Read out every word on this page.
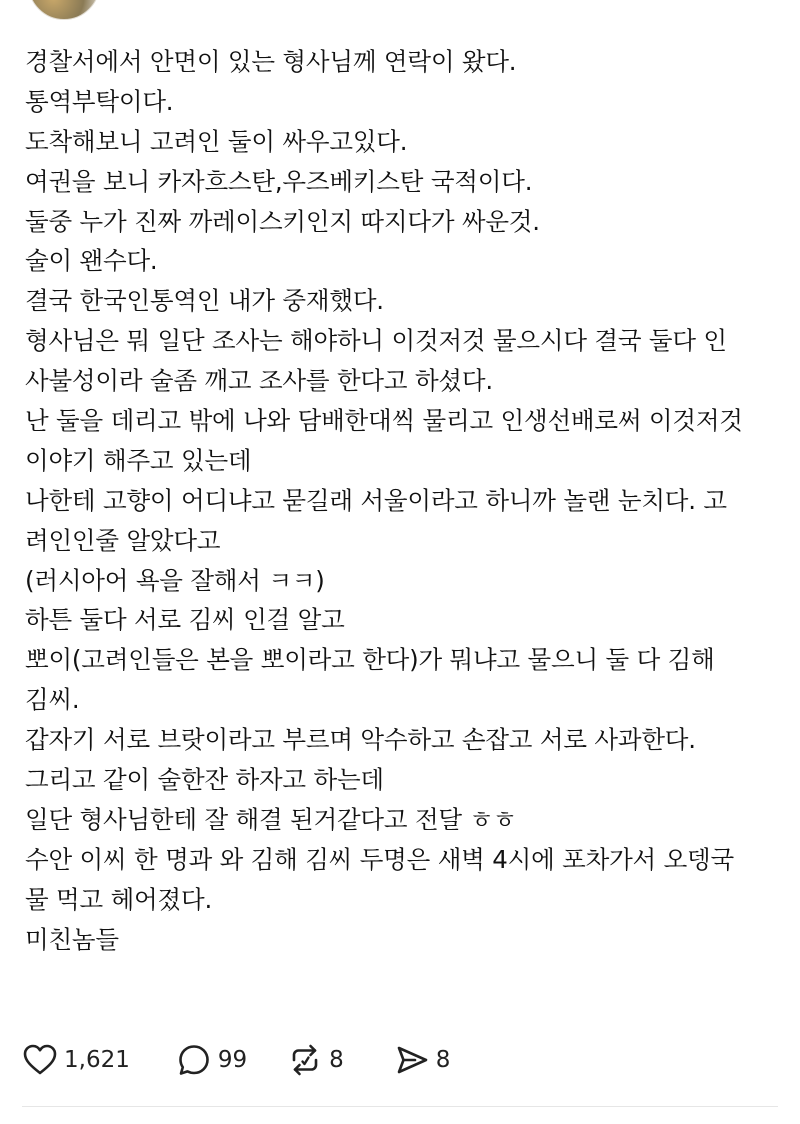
경찰서에서 안면이 있는 형사님께 연락이 왔다.
통역부탁이다.
도착해보니 고려인 둘이 싸우고있다.
여권을 보니 카자흐스탄,우즈베키스탄 국적이다.
둘중 누가 진짜 까레이스키인지 따지다가 싸운것.
술이 왠수다.
결국 한국인통역인 내가 중재했다.
형사님은 뭐 일단 조사는 해야하니 이것저것 물으시다 결국 둘다 인
사불성이라 술좀 깨고 조사를 한다고 하셨다.
난 둘을 데리고 밖에 나와 담배한대씩 물리고 인생선배로써 이것저것
이야기 해주고 있는데
나한테 고향이 어디냐고 묻길래 서울이라고 하니까 놀랜 눈치다. 고
려인인줄 알았다고
(러시아어 욕을 잘해서 ㅋㅋ)
하튼 둘다 서로 김씨 인걸 알고
뽀이(고려인들은 본을 뽀이라고 한다)가 뭐냐고 물으니 둘 다 김해
김씨.
갑자기 서로 브랏이라고 부르며 악수하고 손잡고 서로 사과한다.
그리고 같이 술한잔 하자고 하는데
일단 형사님한테 잘 해결 된거같다고 전달 ㅎㅎ
수안 이씨 한 명과 와 김해 김씨 두명은 새벽 4시에 포차가서 오뎅국
물 먹고 헤어졌다.
미친놈들
1,621	99	8	8
